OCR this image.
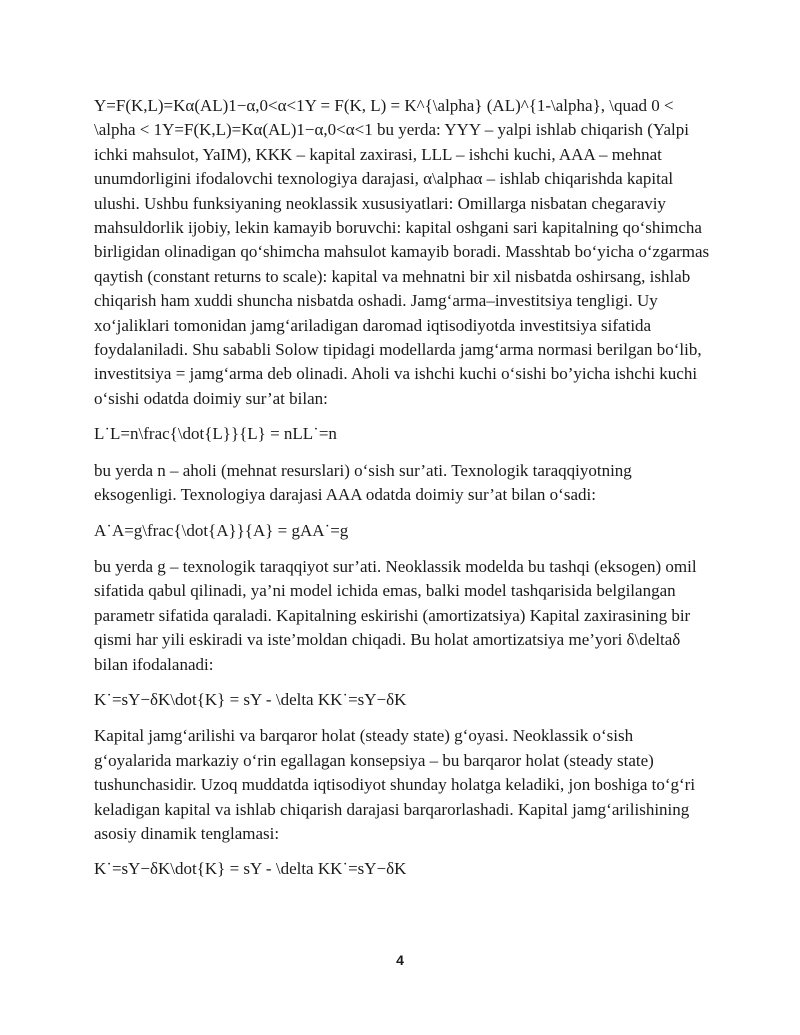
Y=F(K,L)=Kα(AL)1−α,0<α<1Y = F(K, L) = K^{\alpha} (AL)^{1-\alpha}, \quad 0 < \alpha < 1Y=F(K,L)=Kα(AL)1−α,0<α<1 bu yerda: YYY – yalpi ishlab chiqarish (Yalpi ichki mahsulot, YaIM), KKK – kapital zaxirasi, LLL – ishchi kuchi, AAA – mehnat unumdorligini ifodalovchi texnologiya darajasi, α\alphaα – ishlab chiqarishda kapital ulushi. Ushbu funksiyaning neoklassik xususiyatlari: Omillarga nisbatan chegaraviy mahsuldorlik ijobiy, lekin kamayib boruvchi: kapital oshgani sari kapitalning qo‘shimcha birligidan olinadigan qo‘shimcha mahsulot kamayib boradi. Masshtab bo‘yicha o‘zgarmas qaytish (constant returns to scale): kapital va mehnatni bir xil nisbatda oshirsang, ishlab chiqarish ham xuddi shuncha nisbatda oshadi. Jamg‘arma–investitsiya tengligi. Uy xo‘jaliklari tomonidan jamg‘ariladigan daromad iqtisodiyotda investitsiya sifatida foydalaniladi. Shu sababli Solow tipidagi modellarda jamg‘arma normasi berilgan bo‘lib, investitsiya = jamg‘arma deb olinadi. Aholi va ishchi kuchi o‘sishi bo’yicha ishchi kuchi o‘sishi odatda doimiy sur’at bilan:

L˙L=n\frac{\dot{L}}{L} = nLL˙=n

bu yerda n – aholi (mehnat resurslari) o‘sish sur’ati. Texnologik taraqqiyotning eksogenligi. Texnologiya darajasi AAA odatda doimiy sur’at bilan o‘sadi:

A˙A=g\frac{\dot{A}}{A} = gAA˙=g

bu yerda g – texnologik taraqqiyot sur’ati. Neoklassik modelda bu tashqi (eksogen) omil sifatida qabul qilinadi, ya’ni model ichida emas, balki model tashqarisida belgilangan parametr sifatida qaraladi. Kapitalning eskirishi (amortizatsiya) Kapital zaxirasining bir qismi har yili eskiradi va iste’moldan chiqadi. Bu holat amortizatsiya me’yori δ\deltaδ bilan ifodalanadi:

K˙=sY−δK\dot{K} = sY - \delta KK˙=sY−δK

Kapital jamg‘arilishi va barqaror holat (steady state) g‘oyasi. Neoklassik o‘sish g‘oyalarida markaziy o‘rin egallagan konsepsiya – bu barqaror holat (steady state) tushunchasidir. Uzoq muddatda iqtisodiyot shunday holatga keladiki, jon boshiga to‘g‘ri keladigan kapital va ishlab chiqarish darajasi barqarorlashadi. Kapital jamg‘arilishining asosiy dinamik tenglamasi:

K˙=sY−δK\dot{K} = sY - \delta KK˙=sY−δK

4
